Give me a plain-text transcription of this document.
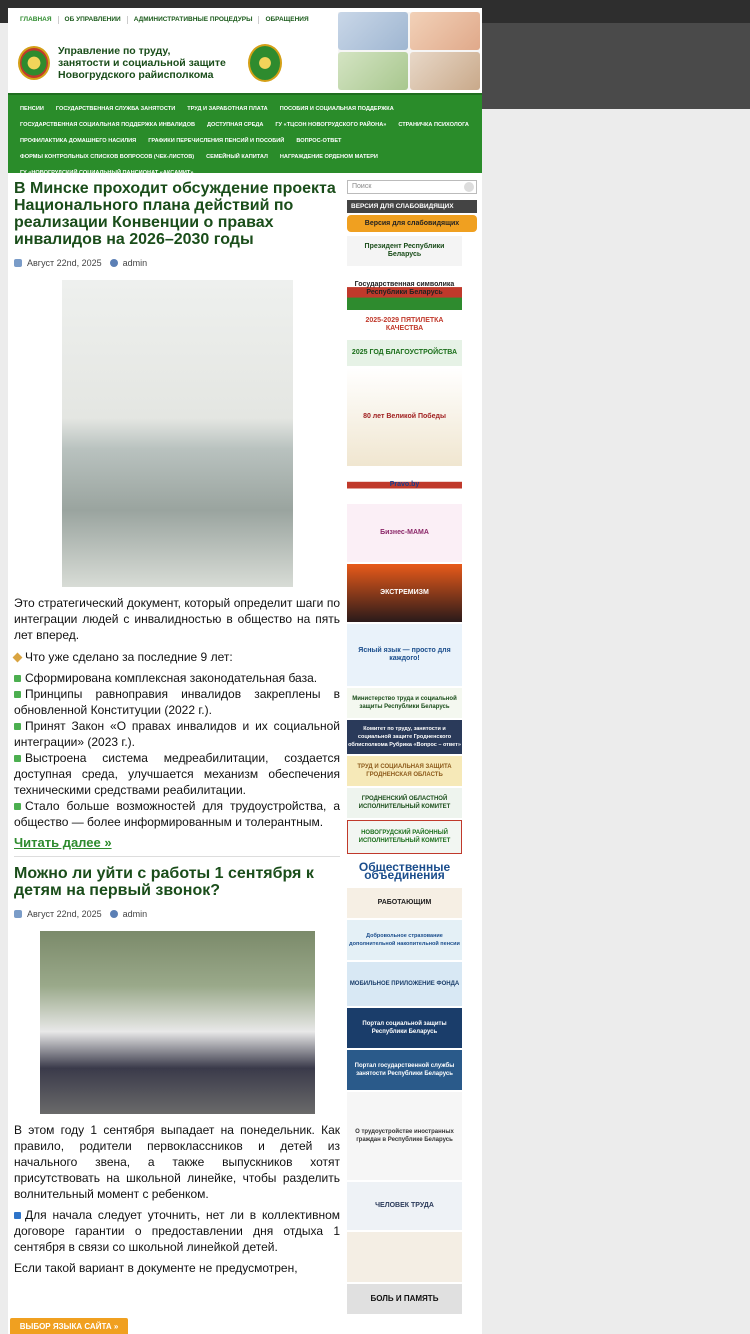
ГЛАВНАЯ	ОБ УПРАВЛЕНИИ	АДМИНИСТРАТИВНЫЕ ПРОЦЕДУРЫ	ОБРАЩЕНИЯ
Управление по труду,
занятости и социальной защите
Новогрудского райисполкома
ПЕНСИИ	ГОСУДАРСТВЕННАЯ СЛУЖБА ЗАНЯТОСТИ	ТРУД И ЗАРАБОТНАЯ ПЛАТА	ПОСОБИЯ И СОЦИАЛЬНАЯ ПОДДЕРЖКА
ГОСУДАРСТВЕННАЯ СОЦИАЛЬНАЯ ПОДДЕРЖКА ИНВАЛИДОВ	ДОСТУПНАЯ СРЕДА	ГУ «ТЦСОН НОВОГРУДСКОГО РАЙОНА»	СТРАНИЧКА ПСИХОЛОГА
ПРОФИЛАКТИКА ДОМАШНЕГО НАСИЛИЯ	ГРАФИКИ ПЕРЕЧИСЛЕНИЯ ПЕНСИЙ И ПОСОБИЙ	ВОПРОС-ОТВЕТ
ФОРМЫ КОНТРОЛЬНЫХ СПИСКОВ ВОПРОСОВ (ЧЕК-ЛИСТОВ)	СЕМЕЙНЫЙ КАПИТАЛ	НАГРАЖДЕНИЕ ОРДЕНОМ МАТЕРИ
ГУ «НОВОГРУДСКИЙ СОЦИАЛЬНЫЙ ПАНСИОНАТ «АКСАМИТ»
В Минске проходит обсуждение проекта Национального плана действий по реализации Конвенции о правах инвалидов на 2026–2030 годы
Август 22nd, 2025 admin
Это стратегический документ, который определит шаги по интеграции людей с инвалидностью в общество на пять лет вперед.
Что уже сделано за последние 9 лет:
Сформирована комплексная законодательная база.
Принципы равноправия инвалидов закреплены в обновленной Конституции (2022 г.).
Принят Закон «О правах инвалидов и их социальной интеграции» (2023 г.).
Выстроена система медреабилитации, создается доступная среда, улучшается механизм обеспечения техническими средствами реабилитации.
Стало больше возможностей для трудоустройства, а общество — более информированным и толерантным.
Читать далее »
Можно ли уйти с работы 1 сентября к детям на первый звонок?
Август 22nd, 2025 admin
В этом году 1 сентября выпадает на понедельник. Как правило, родители первоклассников и детей из начального звена, а также выпускников хотят присутствовать на школьной линейке, чтобы разделить волнительный момент с ребенком.
Для начала следует уточнить, нет ли в коллективном договоре гарантии о предоставлении дня отдыха 1 сентября в связи со школьной линейкой детей.
Если такой вариант в документе не предусмотрен,
Поиск
ВЕРСИЯ ДЛЯ СЛАБОВИДЯЩИХ
Версия для слабовидящих
Президент Республики Беларусь
Государственная символика Республики Беларусь
2025-2029 ПЯТИЛЕТКА КАЧЕСТВА
2025 ГОД БЛАГОУСТРОЙСТВА
80 лет Великой Победы
Pravo.by
Бизнес-МАМА
ЭКСТРЕМИЗМ
Ясный язык — просто для каждого!
Министерство труда и социальной защиты Республики Беларусь
Комитет по труду, занятости и социальной защите Гродненского облисполкома Рубрика «Вопрос – ответ»
ТРУД И СОЦИАЛЬНАЯ ЗАЩИТА ГРОДНЕНСКАЯ ОБЛАСТЬ
ГРОДНЕНСКИЙ ОБЛАСТНОЙ ИСПОЛНИТЕЛЬНЫЙ КОМИТЕТ
НОВОГРУДСКИЙ РАЙОННЫЙ ИСПОЛНИТЕЛЬНЫЙ КОМИТЕТ
Общественные объединения
РАБОТАЮЩИМ
Добровольное страхование дополнительной накопительной пенсии
МОБИЛЬНОЕ ПРИЛОЖЕНИЕ ФОНДА
Портал социальной защиты Республики Беларусь
Портал государственной службы занятости Республики Беларусь
О трудоустройстве иностранных граждан в Республике Беларусь
ЧЕЛОВЕК ТРУДА
БОЛЬ И ПАМЯТЬ
ВЫБОР ЯЗЫКА САЙТА »
